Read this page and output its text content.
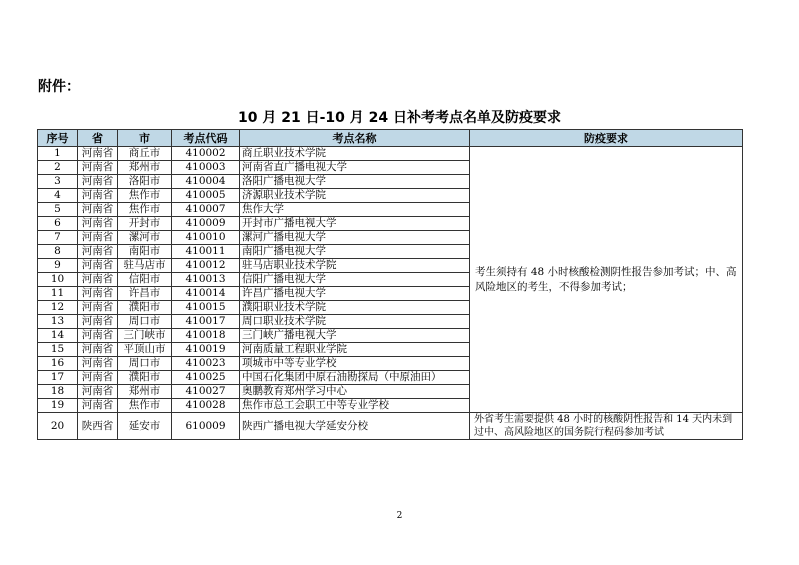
附件：
10 月 21 日-10 月 24 日补考考点名单及防疫要求
序号	省	市	考点代码	考点名称	防疫要求
1	河南省	商丘市	410002	商丘职业技术学院	考生须持有 48 小时核酸检测阴性报告参加考试；中、高风险地区的考生，不得参加考试；
2	河南省	郑州市	410003	河南省直广播电视大学	
3	河南省	洛阳市	410004	洛阳广播电视大学	
4	河南省	焦作市	410005	济源职业技术学院	
5	河南省	焦作市	410007	焦作大学	
6	河南省	开封市	410009	开封市广播电视大学	
7	河南省	漯河市	410010	漯河广播电视大学	
8	河南省	南阳市	410011	南阳广播电视大学	
9	河南省	驻马店市	410012	驻马店职业技术学院	
10	河南省	信阳市	410013	信阳广播电视大学	
11	河南省	许昌市	410014	许昌广播电视大学	
12	河南省	濮阳市	410015	濮阳职业技术学院	
13	河南省	周口市	410017	周口职业技术学院	
14	河南省	三门峡市	410018	三门峡广播电视大学	
15	河南省	平顶山市	410019	河南质量工程职业学院	
16	河南省	周口市	410023	项城市中等专业学校	
17	河南省	濮阳市	410025	中国石化集团中原石油勘探局（中原油田）	
18	河南省	郑州市	410027	奥鹏教育郑州学习中心	
19	河南省	焦作市	410028	焦作市总工会职工中等专业学校	
20	陕西省	延安市	610009	陕西广播电视大学延安分校	外省考生需要提供 48 小时的核酸阴性报告和 14 天内未到过中、高风险地区的国务院行程码参加考试
2
